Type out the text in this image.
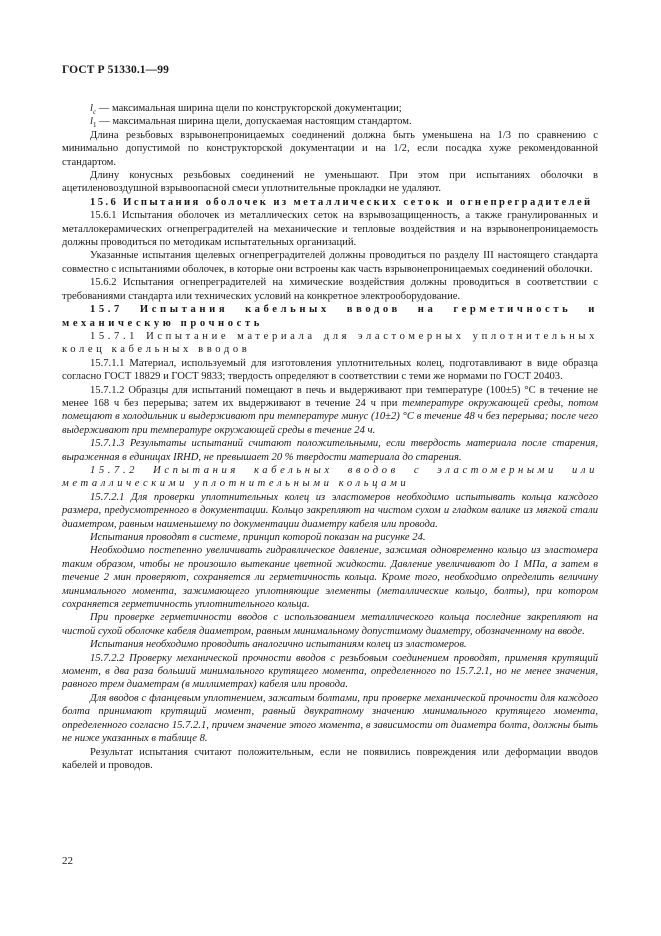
ГОСТ Р 51330.1—99

$l_c$ — максимальная ширина щели по конструкторской документации;

$l_1$ — максимальная ширина щели, допускаемая настоящим стандартом.

Длина резьбовых взрывонепроницаемых соединений должна быть уменьшена на 1/3 по сравнению с минимально допустимой по конструкторской документации и на 1/2, если посадка хуже рекомендованной стандартом.

Длину конусных резьбовых соединений не уменьшают. При этом при испытаниях оболочки в ацетиленовоздушной взрывоопасной смеси уплотнительные прокладки не удаляют.

15.6 Испытания оболочек из металлических сеток и огнепреградителей

15.6.1 Испытания оболочек из металлических сеток на взрывозащищенность, а также гранулированных и металлокерамических огнепреградителей на механические и тепловые воздействия и на взрывонепроницаемость должны проводиться по методикам испытательных организаций.

Указанные испытания щелевых огнепреградителей должны проводиться по разделу III настоящего стандарта совместно с испытаниями оболочек, в которые они встроены как часть взрывонепроницаемых соединений оболочки.

15.6.2 Испытания огнепреградителей на химические воздействия должны проводиться в соответствии с требованиями стандарта или технических условий на конкретное электрооборудование.

15.7 Испытания кабельных вводов на герметичность и механическую прочность

15.7.1 Испытание материала для эластомерных уплотнительных колец кабельных вводов

15.7.1.1 Материал, используемый для изготовления уплотнительных колец, подготавливают в виде образца согласно ГОСТ 18829 и ГОСТ 9833; твердость определяют в соответствии с теми же нормами по ГОСТ 20403.

15.7.1.2 Образцы для испытаний помещают в печь и выдерживают при температуре (100±5) °С в течение не менее 168 ч без перерыва; затем их выдерживают в течение 24 ч при температуре окружающей среды, потом помещают в холодильник и выдерживают при температуре минус (10±2) °С в течение 48 ч без перерыва; после чего выдерживают при температуре окружающей среды в течение 24 ч.

15.7.1.3 Результаты испытаний считают положительными, если твердость материала после старения, выраженная в единицах IRHD, не превышает 20 % твердости материала до старения.

15.7.2 Испытания кабельных вводов с эластомерными или металлическими уплотнительными кольцами

15.7.2.1 Для проверки уплотнительных колец из эластомеров необходимо испытывать кольца каждого размера, предусмотренного в документации. Кольцо закрепляют на чистом сухом и гладком валике из мягкой стали диаметром, равным наименьшему по документации диаметру кабеля или провода.

Испытания проводят в системе, принцип которой показан на рисунке 24.

Необходимо постепенно увеличивать гидравлическое давление, зажимая одновременно кольцо из эластомера таким образом, чтобы не произошло вытекание цветной жидкости. Давление увеличивают до 1 МПа, а затем в течение 2 мин проверяют, сохраняется ли герметичность кольца. Кроме того, необходимо определить величину минимального момента, зажимающего уплотняющие элементы (металлические кольцо, болты), при котором сохраняется герметичность уплотнительного кольца.

При проверке герметичности вводов с использованием металлического кольца последние закрепляют на чистой сухой оболочке кабеля диаметром, равным минимальному допустимому диаметру, обозначенному на вводе.

Испытания необходимо проводить аналогично испытаниям колец из эластомеров.

15.7.2.2 Проверку механической прочности вводов с резьбовым соединением проводят, применяя крутящий момент, в два раза больший минимального крутящего момента, определенного по 15.7.2.1, но не менее значения, равного трем диаметрам (в миллиметрах) кабеля или провода.

Для вводов с фланцевым уплотнением, зажатым болтами, при проверке механической прочности для каждого болта принимают крутящий момент, равный двукратному значению минимального крутящего момента, определенного согласно 15.7.2.1, причем значение этого момента, в зависимости от диаметра болта, должны быть не ниже указанных в таблице 8.

Результат испытания считают положительным, если не появились повреждения или деформации вводов кабелей и проводов.

22
